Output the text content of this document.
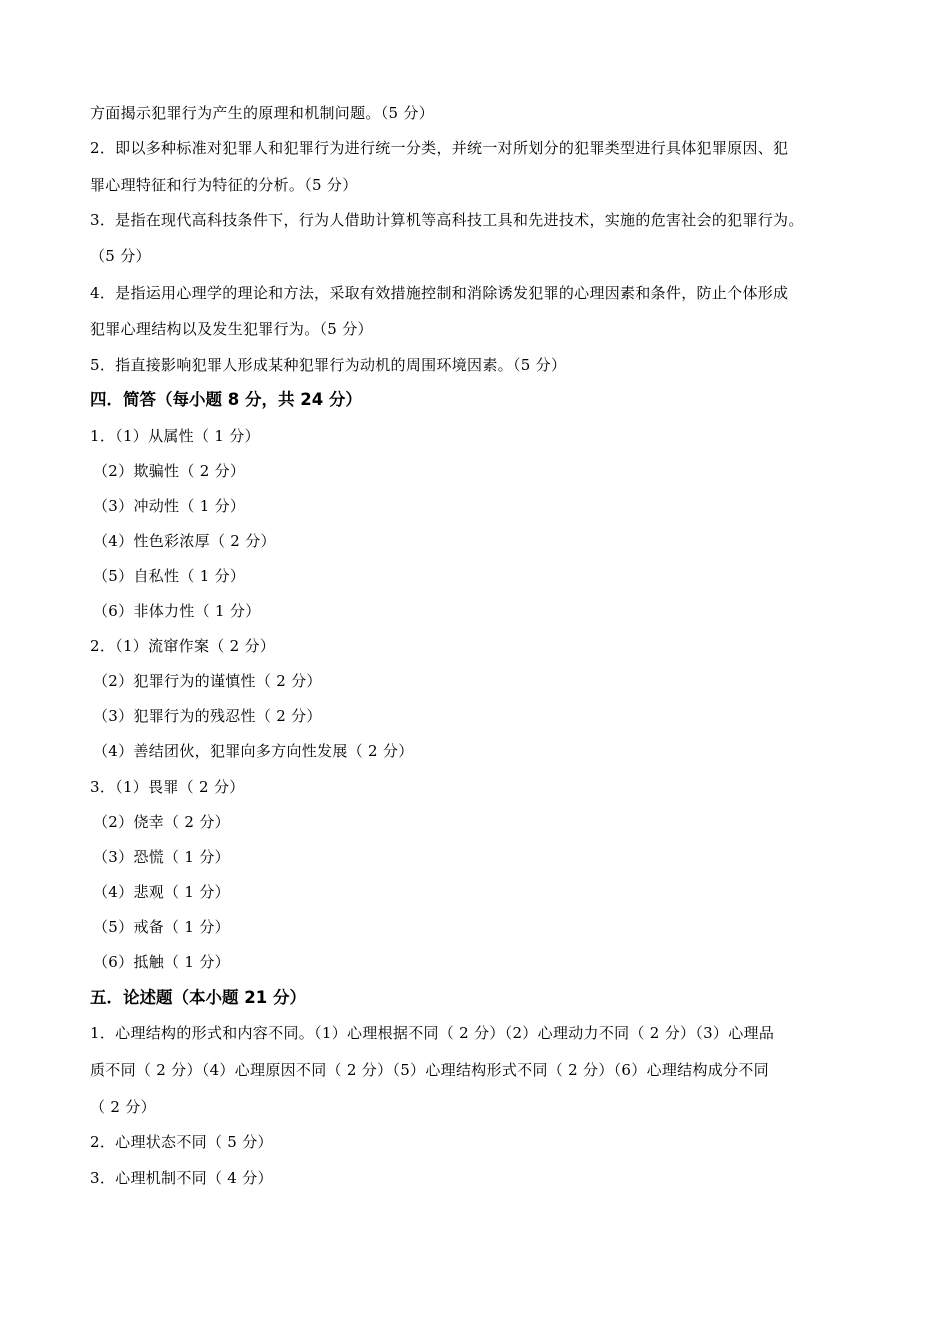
方面揭示犯罪行为产生的原理和机制问题。（5 分）
2．即以多种标准对犯罪人和犯罪行为进行统一分类，并统一对所划分的犯罪类型进行具体犯罪原因、犯
罪心理特征和行为特征的分析。（5 分）
3．是指在现代高科技条件下，行为人借助计算机等高科技工具和先进技术，实施的危害社会的犯罪行为。
（5 分）
4．是指运用心理学的理论和方法，采取有效措施控制和消除诱发犯罪的心理因素和条件，防止个体形成
犯罪心理结构以及发生犯罪行为。（5 分）
5．指直接影响犯罪人形成某种犯罪行为动机的周围环境因素。（5 分）
四．简答（每小题 8 分，共 24 分）
1．（1）从属性（ 1 分）
（2）欺骗性（ 2 分）
（3）冲动性（ 1 分）
（4）性色彩浓厚（ 2 分）
（5）自私性（ 1 分）
（6）非体力性（ 1 分）
2．（1）流窜作案（ 2 分）
（2）犯罪行为的谨慎性（ 2 分）
（3）犯罪行为的残忍性（ 2 分）
（4）善结团伙，犯罪向多方向性发展（ 2 分）
3．（1）畏罪（ 2 分）
（2）侥幸（ 2 分）
（3）恐慌（ 1 分）
（4）悲观（ 1 分）
（5）戒备（ 1 分）
（6）抵触（ 1 分）
五．论述题（本小题 21 分）
1．心理结构的形式和内容不同。（1）心理根据不同（ 2 分）（2）心理动力不同（ 2 分）（3）心理品
质不同（ 2 分）（4）心理原因不同（ 2 分）（5）心理结构形式不同（ 2 分）（6）心理结构成分不同
（ 2 分）
2．心理状态不同（ 5 分）
3．心理机制不同（ 4 分）
